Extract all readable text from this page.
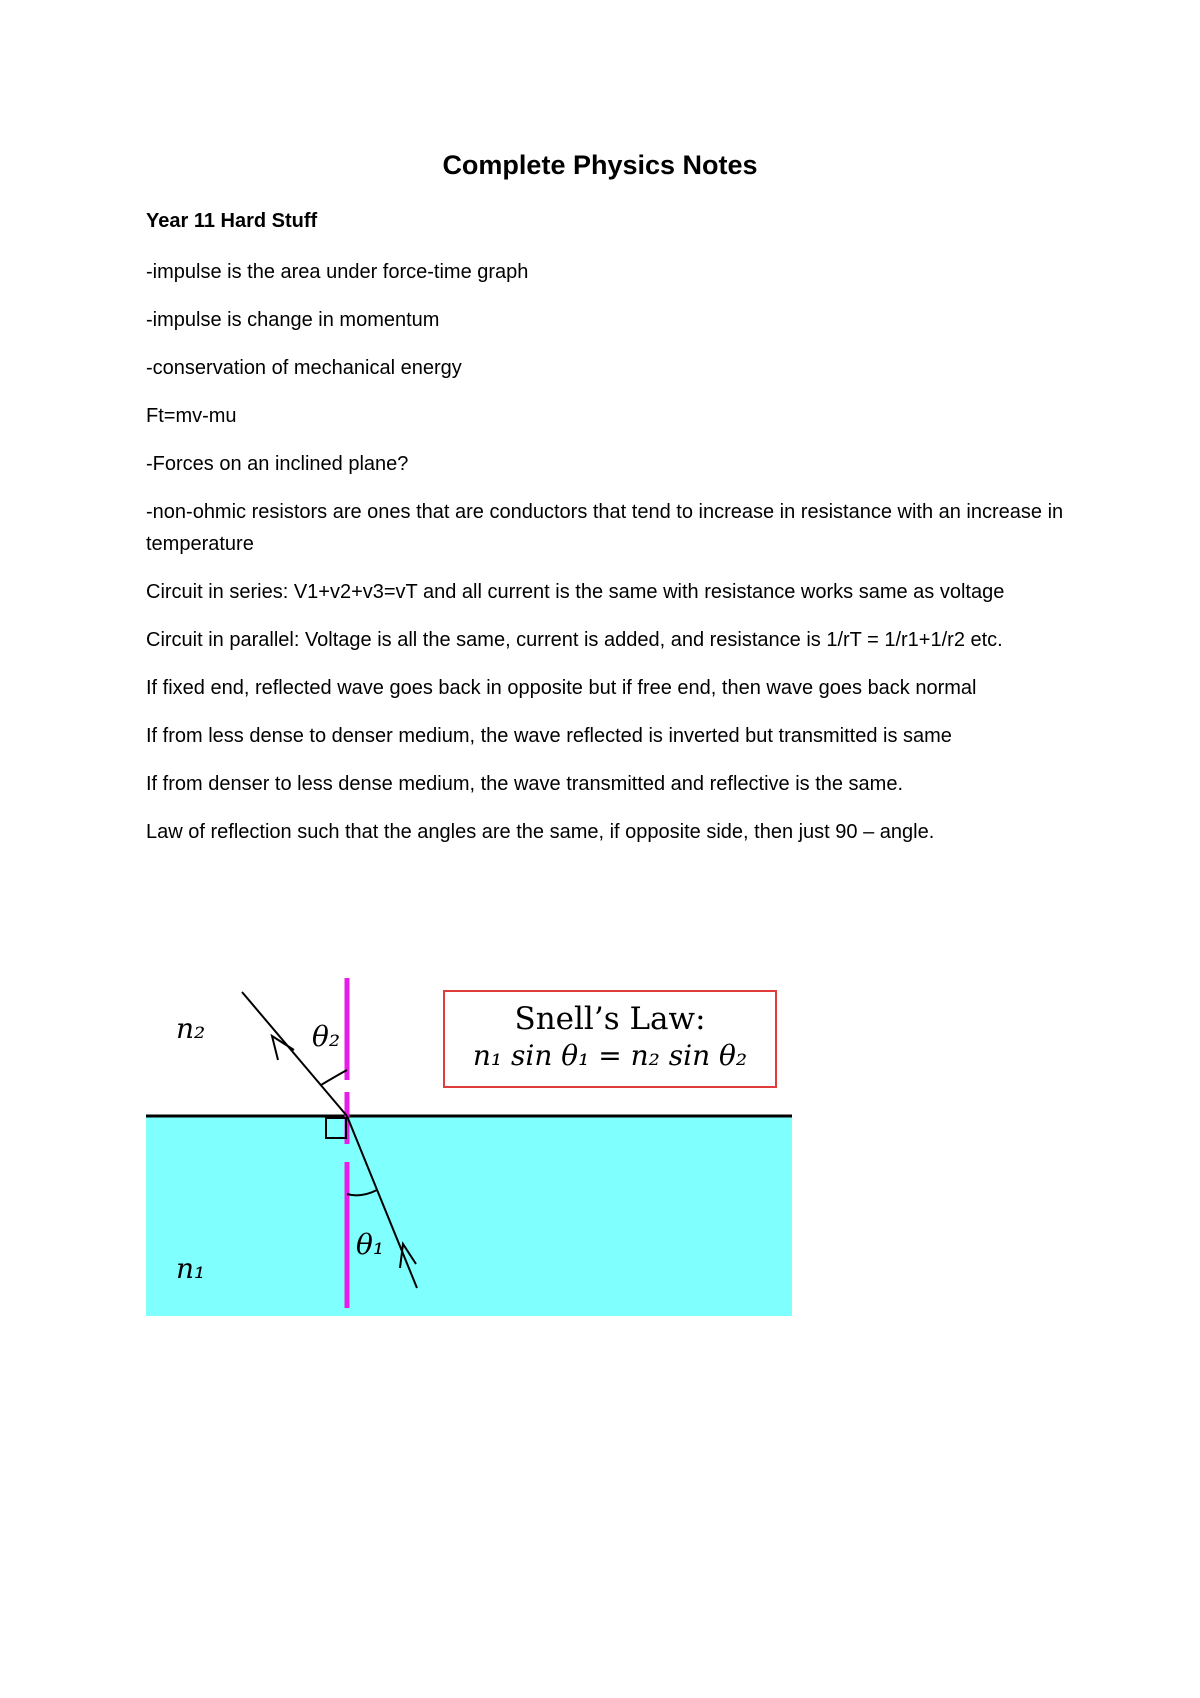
Complete Physics Notes
Year 11 Hard Stuff
-impulse is the area under force-time graph
-impulse is change in momentum
-conservation of mechanical energy
Ft=mv-mu
-Forces on an inclined plane?
-non-ohmic resistors are ones that are conductors that tend to increase in resistance with an increase in temperature
Circuit in series: V1+v2+v3=vT and all current is the same with resistance works same as voltage
Circuit in parallel: Voltage is all the same, current is added, and resistance is 1/rT = 1/r1+1/r2 etc.
If fixed end, reflected wave goes back in opposite but if free end, then wave goes back normal
If from less dense to denser medium, the wave reflected is inverted but transmitted is same
If from denser to less dense medium, the wave transmitted and reflective is the same.
Law of reflection such that the angles are the same, if opposite side, then just 90 – angle.
n₂
n₁
θ₂
θ₁
Snell’s Law:
n₁ sin θ₁ = n₂ sin θ₂
